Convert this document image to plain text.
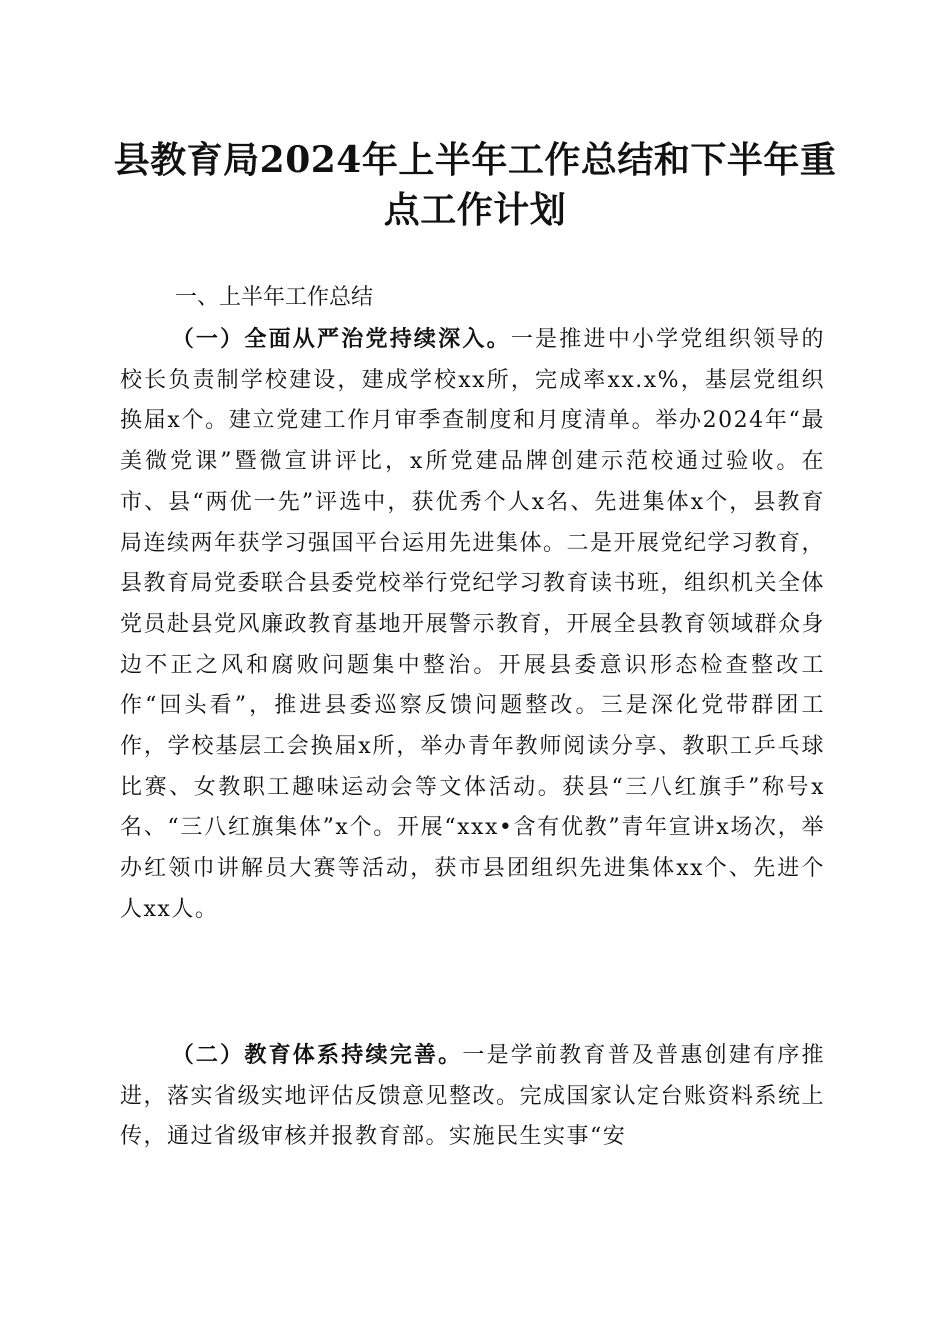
县教育局2024年上半年工作总结和下半年重点工作计划
一、上半年工作总结

（一）全面从严治党持续深入。一是推进中小学党组织领导的校长负责制学校建设，建成学校xx所，完成率xx.x%，基层党组织换届x个。建立党建工作月审季查制度和月度清单。举办2024年“最美微党课”暨微宣讲评比，x所党建品牌创建示范校通过验收。在市、县“两优一先”评选中，获优秀个人x名、先进集体x个，县教育局连续两年获学习强国平台运用先进集体。二是开展党纪学习教育，县教育局党委联合县委党校举行党纪学习教育读书班，组织机关全体党员赴县党风廉政教育基地开展警示教育，开展全县教育领域群众身边不正之风和腐败问题集中整治。开展县委意识形态检查整改工作“回头看”，推进县委巡察反馈问题整改。三是深化党带群团工作，学校基层工会换届x所，举办青年教师阅读分享、教职工乒乓球比赛、女教职工趣味运动会等文体活动。获县“三八红旗手”称号x名、“三八红旗集体”x个。开展“xxx•含有优教”青年宣讲x场次，举办红领巾讲解员大赛等活动，获市县团组织先进集体xx个、先进个人xx人。

（二）教育体系持续完善。一是学前教育普及普惠创建有序推进，落实省级实地评估反馈意见整改。完成国家认定台账资料系统上传，通过省级审核并报教育部。实施民生实事“安
